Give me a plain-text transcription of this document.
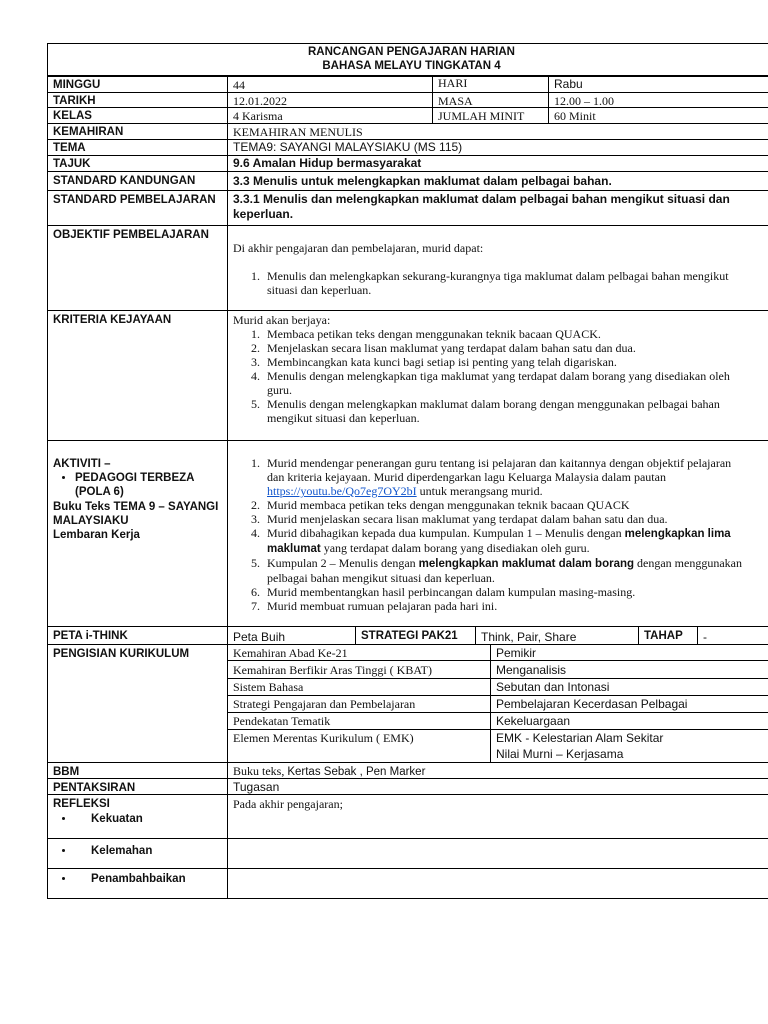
RANCANGAN PENGAJARAN HARIAN
BAHASA MELAYU TINGKATAN 4
MINGGU	44	HARI	Rabu
TARIKH	12.01.2022	MASA	12.00 – 1.00
KELAS	4 Karisma	JUMLAH MINIT	60 Minit
KEMAHIRAN	KEMAHIRAN MENULIS
TEMA	TEMA9: SAYANGI MALAYSIAKU (MS 115)
TAJUK	9.6 Amalan Hidup bermasyarakat
STANDARD KANDUNGAN	3.3 Menulis untuk melengkapkan maklumat dalam pelbagai bahan.
STANDARD PEMBELAJARAN	3.3.1 Menulis dan melengkapkan maklumat dalam pelbagai bahan mengikut situasi dan keperluan.
OBJEKTIF PEMBELAJARAN
Di akhir pengajaran dan pembelajaran, murid dapat:
1. Menulis dan melengkapkan sekurang-kurangnya tiga maklumat dalam pelbagai bahan mengikut situasi dan keperluan.
KRITERIA KEJAYAAN	Murid akan berjaya:
1. Membaca petikan teks dengan menggunakan teknik bacaan QUACK.
2. Menjelaskan secara lisan maklumat yang terdapat dalam bahan satu dan dua.
3. Membincangkan kata kunci bagi setiap isi penting yang telah digariskan.
4. Menulis dengan melengkapkan tiga maklumat yang terdapat dalam borang yang disediakan oleh guru.
5. Menulis dengan melengkapkan maklumat dalam borang dengan menggunakan pelbagai bahan mengikut situasi dan keperluan.
AKTIVITI –
• PEDAGOGI TERBEZA (POLA 6)
Buku Teks TEMA 9 – SAYANGI MALAYSIAKU
Lembaran Kerja
1. Murid mendengar penerangan guru tentang isi pelajaran dan kaitannya dengan objektif pelajaran dan kriteria kejayaan. Murid diperdengarkan lagu Keluarga Malaysia dalam pautan https://youtu.be/Qo7eg7OY2bI untuk merangsang murid.
2. Murid membaca petikan teks dengan menggunakan teknik bacaan QUACK
3. Murid menjelaskan secara lisan maklumat yang terdapat dalam bahan satu dan dua.
4. Murid dibahagikan kepada dua kumpulan. Kumpulan 1 – Menulis dengan melengkapkan lima maklumat yang terdapat dalam borang yang disediakan oleh guru.
5. Kumpulan 2 – Menulis dengan melengkapkan maklumat dalam borang dengan menggunakan pelbagai bahan mengikut situasi dan keperluan.
6. Murid membentangkan hasil perbincangan dalam kumpulan masing-masing.
7. Murid membuat rumuan pelajaran pada hari ini.
PETA i-THINK	Peta Buih	STRATEGI PAK21	Think, Pair, Share	TAHAP	-
PENGISIAN KURIKULUM	Kemahiran Abad Ke-21	Pemikir
Kemahiran Berfikir Aras Tinggi ( KBAT)	Menganalisis
Sistem Bahasa	Sebutan dan Intonasi
Strategi Pengajaran dan Pembelajaran	Pembelajaran Kecerdasan Pelbagai
Pendekatan Tematik	Kekeluargaan
Elemen Merentas Kurikulum ( EMK)	EMK - Kelestarian Alam Sekitar
Nilai Murni – Kerjasama
BBM	Buku teks, Kertas Sebak , Pen Marker
PENTAKSIRAN	Tugasan
REFLEKSI	Pada akhir pengajaran;
• Kekuatan
• Kelemahan
• Penambahbaikan
